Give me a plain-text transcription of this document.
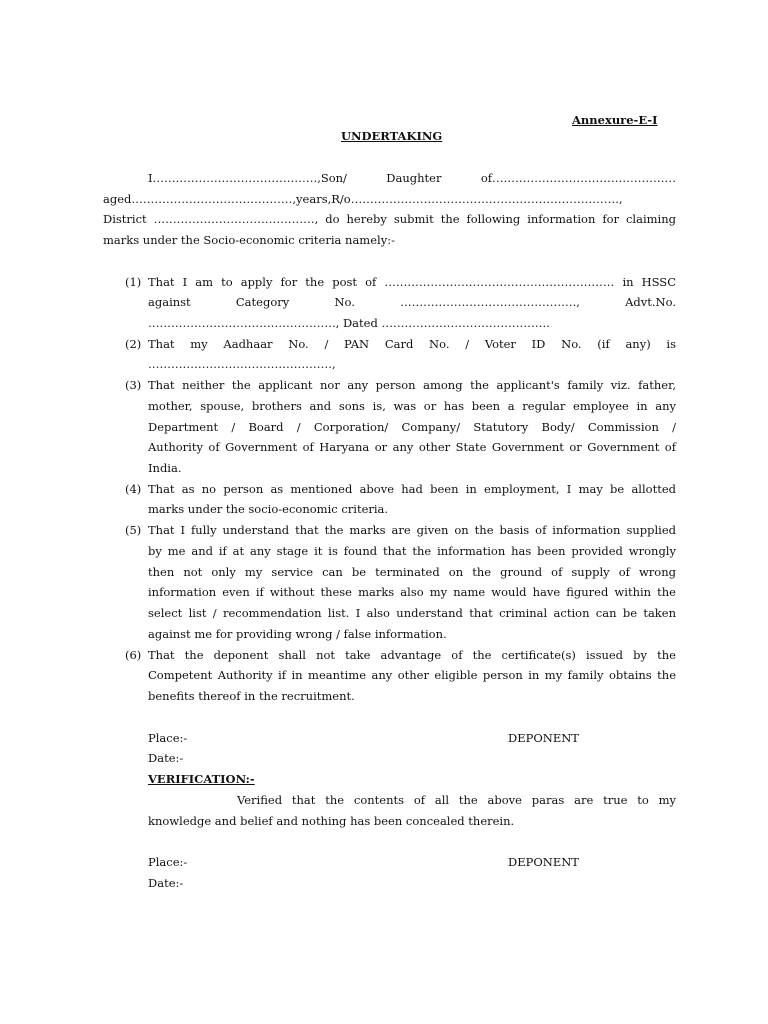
Annexure-E-I
UNDERTAKING
I…………………………………….,Son/ Daughter of…………………………………………
aged……………………………………,years,R/o…………………………………………………………….,
District ……………………………………, do hereby submit the following information for claiming
marks under the Socio-economic criteria namely:-
(1) That I am to apply for the post of …………………………………………………… in HSSC
against Category No. ………………………………………., Advt.No.
…………………………………………., Dated ……………………………………..
(2) That my Aadhaar No. / PAN Card No. / Voter ID No. (if any) is
…………………………………………,
(3) That neither the applicant nor any person among the applicant's family viz. father,
mother, spouse, brothers and sons is, was or has been a regular employee in any
Department / Board / Corporation/ Company/ Statutory Body/ Commission /
Authority of Government of Haryana or any other State Government or Government of
India.
(4) That as no person as mentioned above had been in employment, I may be allotted
marks under the socio-economic criteria.
(5) That I fully understand that the marks are given on the basis of information supplied
by me and if at any stage it is found that the information has been provided wrongly
then not only my service can be terminated on the ground of supply of wrong
information even if without these marks also my name would have figured within the
select list / recommendation list. I also understand that criminal action can be taken
against me for providing wrong / false information.
(6) That the deponent shall not take advantage of the certificate(s) issued by the
Competent Authority if in meantime any other eligible person in my family obtains the
benefits thereof in the recruitment.
Place:-	DEPONENT
Date:-
VERIFICATION:-
Verified that the contents of all the above paras are true to my
knowledge and belief and nothing has been concealed therein.
Place:-	DEPONENT
Date:-
